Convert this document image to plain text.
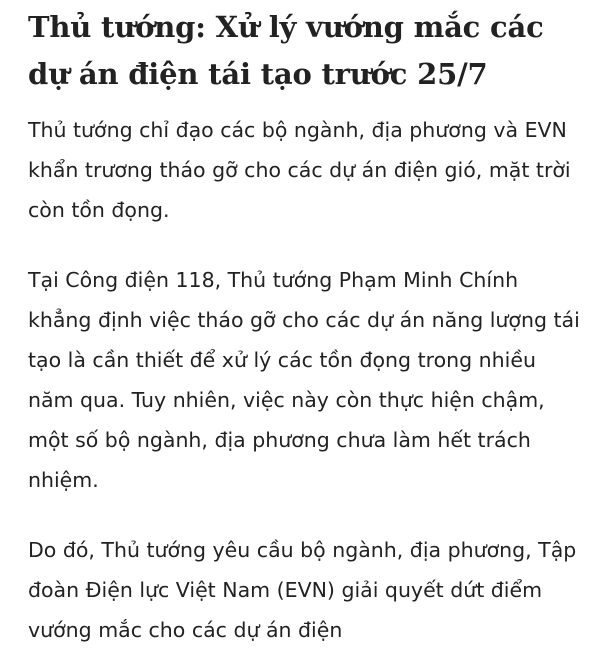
Thủ tướng: Xử lý vướng mắc các dự án điện tái tạo trước 25/7

Thủ tướng chỉ đạo các bộ ngành, địa phương và EVN khẩn trương tháo gỡ cho các dự án điện gió, mặt trời còn tồn đọng.

Tại Công điện 118, Thủ tướng Phạm Minh Chính khẳng định việc tháo gỡ cho các dự án năng lượng tái tạo là cần thiết để xử lý các tồn đọng trong nhiều năm qua. Tuy nhiên, việc này còn thực hiện chậm, một số bộ ngành, địa phương chưa làm hết trách nhiệm.

Do đó, Thủ tướng yêu cầu bộ ngành, địa phương, Tập đoàn Điện lực Việt Nam (EVN) giải quyết dứt điểm vướng mắc cho các dự án điện
